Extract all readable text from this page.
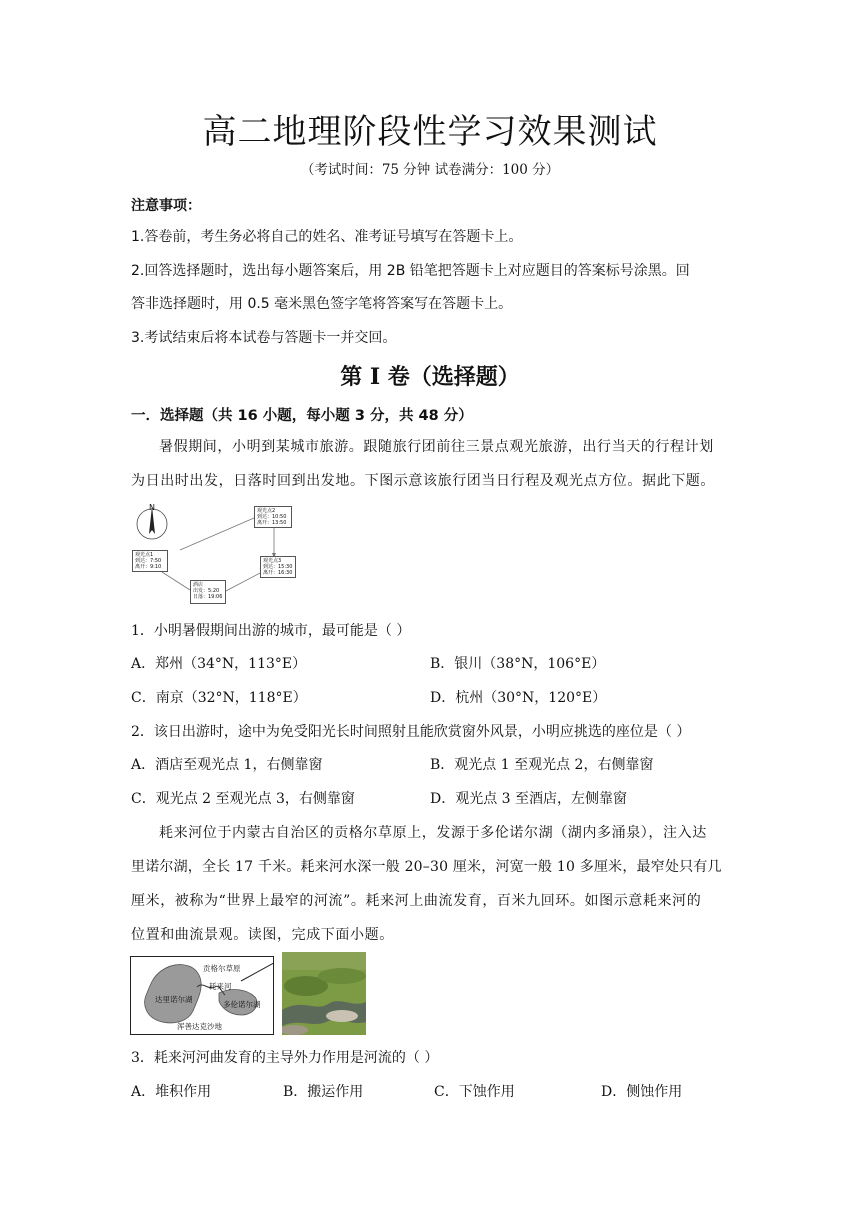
高二地理阶段性学习效果测试
（考试时间：75 分钟 试卷满分：100 分）
注意事项：
1.答卷前，考生务必将自己的姓名、准考证号填写在答题卡上。
2.回答选择题时，选出每小题答案后，用 2B 铅笔把答题卡上对应题目的答案标号涂黑。回
答非选择题时，用 0.5 毫米黑色签字笔将答案写在答题卡上。
3.考试结束后将本试卷与答题卡一并交回。
第 I 卷（选择题）
一．选择题（共 16 小题，每小题 3 分，共 48 分）
暑假期间，小明到某城市旅游。跟随旅行团前往三景点观光旅游，出行当天的行程计划
为日出时出发，日落时回到出发地。下图示意该旅行团当日行程及观光点方位。据此下题。
N	观光点2
到达：10:50
离开：13:50
观光点1
到达：7:50
离开：9:10
观光点3
到达：15:30
离开：16:30
酒店
出发：5:20
日落：19:06
1．小明暑假期间出游的城市，最可能是（ ）
A．郑州（34°N，113°E）	B．银川（38°N，106°E）
C．南京（32°N，118°E）	D．杭州（30°N，120°E）
2．该日出游时，途中为免受阳光长时间照射且能欣赏窗外风景，小明应挑选的座位是（ ）
A．酒店至观光点 1，右侧靠窗	B．观光点 1 至观光点 2，右侧靠窗
C．观光点 2 至观光点 3，右侧靠窗	D．观光点 3 至酒店，左侧靠窗
耗来河位于内蒙古自治区的贡格尔草原上，发源于多伦诺尔湖（湖内多涌泉），注入达
里诺尔湖，全长 17 千米。耗来河水深一般 20–30 厘米，河宽一般 10 多厘米，最窄处只有几
厘米，被称为“世界上最窄的河流”。耗来河上曲流发育，百米九回环。如图示意耗来河的
位置和曲流景观。读图，完成下面小题。
贡格尔草原
达里诺尔湖
耗来河
多伦诺尔湖
浑善达克沙地
3．耗来河河曲发育的主导外力作用是河流的（ ）
A．堆积作用	B．搬运作用	C．下蚀作用	D．侧蚀作用
